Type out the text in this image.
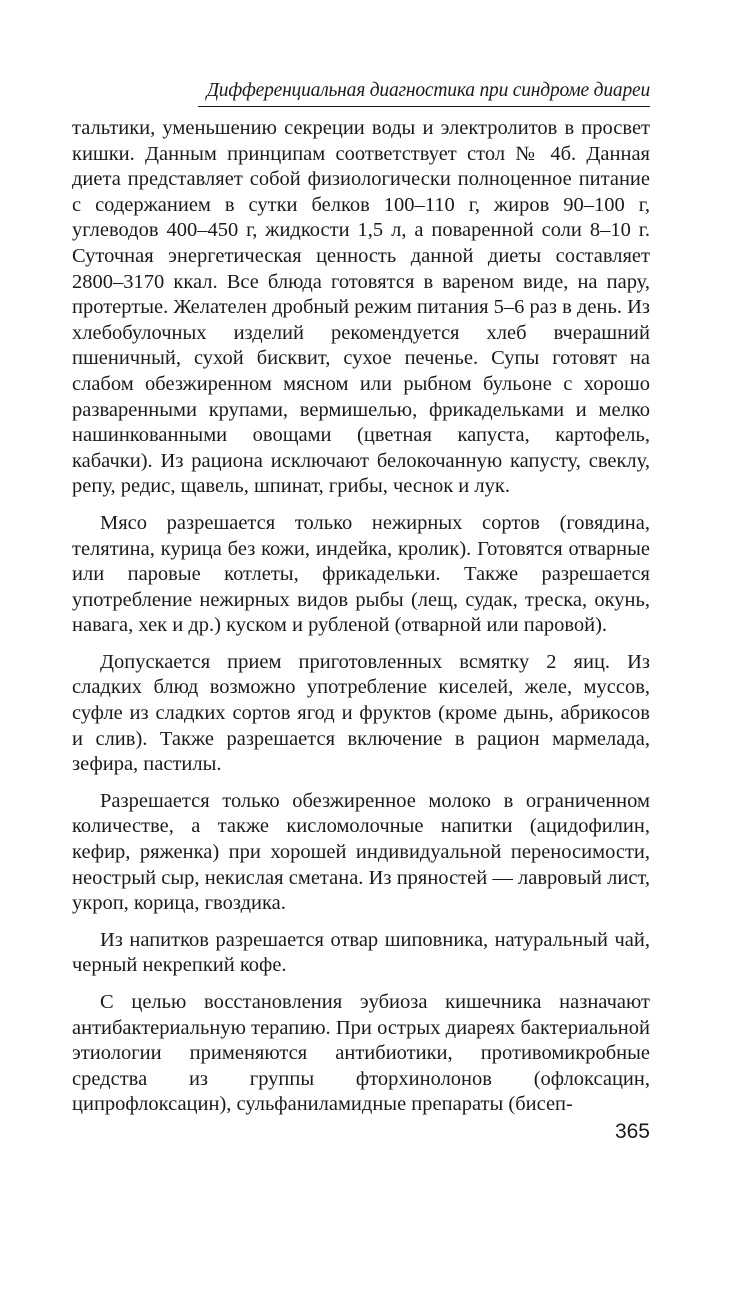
Дифференциальная диагностика при синдроме диареи

тальтики, уменьшению секреции воды и электролитов в просвет кишки. Данным принципам соответствует стол № 4б. Данная диета представляет собой физиологически полноценное питание с содержанием в сутки белков 100–110 г, жиров 90–100 г, углеводов 400–450 г, жидкости 1,5 л, а поваренной соли 8–10 г. Суточная энергетическая ценность данной диеты составляет 2800–3170 ккал. Все блюда готовятся в вареном виде, на пару, протертые. Желателен дробный режим питания 5–6 раз в день. Из хлебобулочных изделий рекомендуется хлеб вчерашний пшеничный, сухой бисквит, сухое печенье. Супы готовят на слабом обезжиренном мясном или рыбном бульоне с хорошо разваренными крупами, вермишелью, фрикадельками и мелко нашинкованными овощами (цветная капуста, картофель, кабачки). Из рациона исключают белокочанную капусту, свеклу, репу, редис, щавель, шпинат, грибы, чеснок и лук.

Мясо разрешается только нежирных сортов (говядина, телятина, курица без кожи, индейка, кролик). Готовятся отварные или паровые котлеты, фрикадельки. Также разрешается употребление нежирных видов рыбы (лещ, судак, треска, окунь, навага, хек и др.) куском и рубленой (отварной или паровой).

Допускается прием приготовленных всмятку 2 яиц. Из сладких блюд возможно употребление киселей, желе, муссов, суфле из сладких сортов ягод и фруктов (кроме дынь, абрикосов и слив). Также разрешается включение в рацион мармелада, зефира, пастилы.

Разрешается только обезжиренное молоко в ограниченном количестве, а также кисломолочные напитки (ацидофилин, кефир, ряженка) при хорошей индивидуальной переносимости, неострый сыр, некислая сметана. Из пряностей — лавровый лист, укроп, корица, гвоздика.

Из напитков разрешается отвар шиповника, натуральный чай, черный некрепкий кофе.

С целью восстановления эубиоза кишечника назначают антибактериальную терапию. При острых диареях бактериальной этиологии применяются антибиотики, противомикробные средства из группы фторхинолонов (офлоксацин, ципрофлоксацин), сульфаниламидные препараты (бисеп-

365
